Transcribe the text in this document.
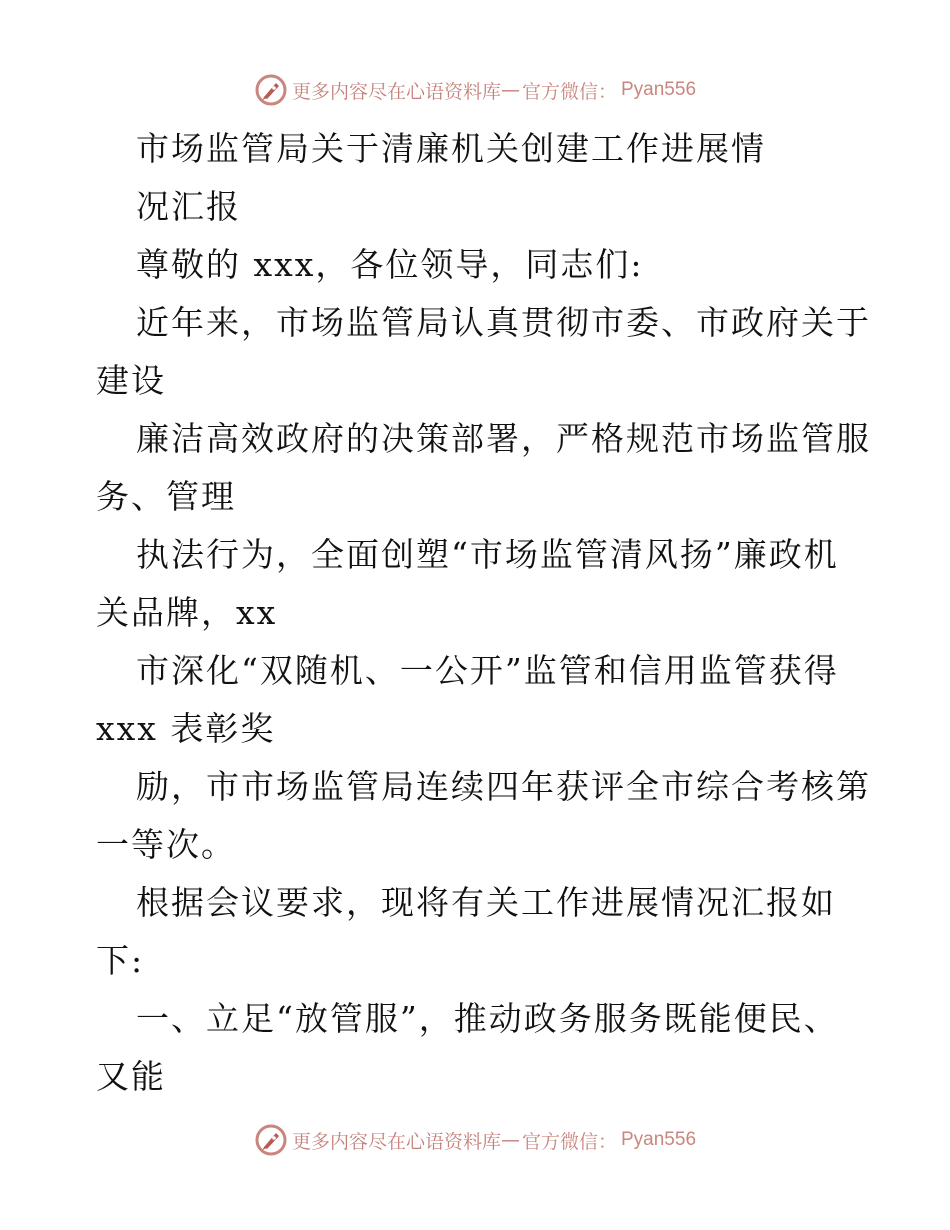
更多内容尽在心语资料库 — 官方微信： Pyan556
市场监管局关于清廉机关创建工作进展情
况汇报
尊敬的 xxx，各位领导，同志们:
近年来，市场监管局认真贯彻市委、市政府关于
建设
廉洁高效政府的决策部署，严格规范市场监管服
务、管理
执法行为，全面创塑“市场监管清风扬”廉政机
关品牌，xx
市深化“双随机、一公开”监管和信用监管获得
xxx 表彰奖
励，市市场监管局连续四年获评全市综合考核第
一等次。
根据会议要求，现将有关工作进展情况汇报如
下:
一、立足“放管服”，推动政务服务既能便民、
又能
更多内容尽在心语资料库 — 官方微信： Pyan556
